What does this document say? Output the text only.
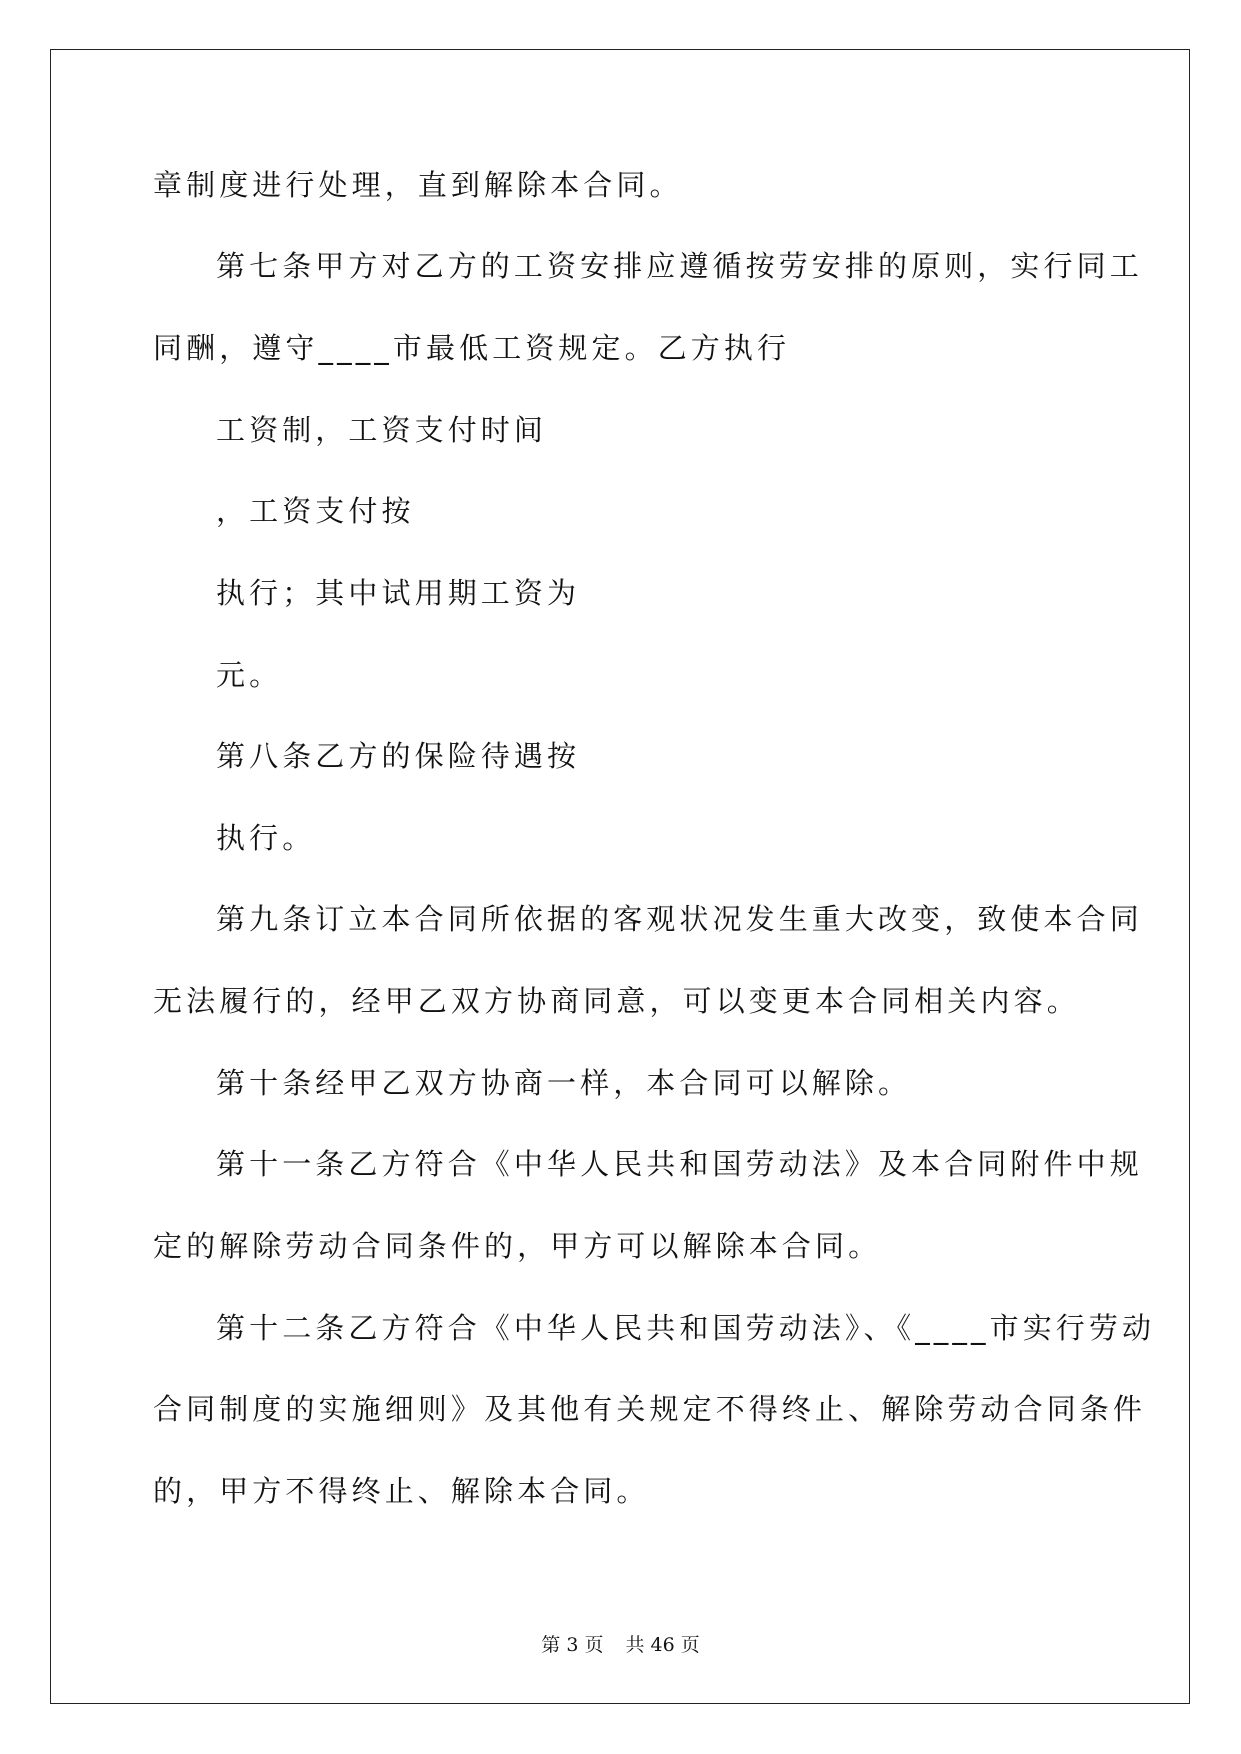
章制度进行处理，直到解除本合同。
第七条甲方对乙方的工资安排应遵循按劳安排的原则，实行同工
同酬，遵守____市最低工资规定。乙方执行
工资制，工资支付时间
，工资支付按
执行；其中试用期工资为
元。
第八条乙方的保险待遇按
执行。
第九条订立本合同所依据的客观状况发生重大改变，致使本合同
无法履行的，经甲乙双方协商同意，可以变更本合同相关内容。
第十条经甲乙双方协商一样，本合同可以解除。
第十一条乙方符合《中华人民共和国劳动法》及本合同附件中规
定的解除劳动合同条件的，甲方可以解除本合同。
第十二条乙方符合《中华人民共和国劳动法》、《____市实行劳动
合同制度的实施细则》及其他有关规定不得终止、解除劳动合同条件
的，甲方不得终止、解除本合同。
第 3 页 共 46 页
